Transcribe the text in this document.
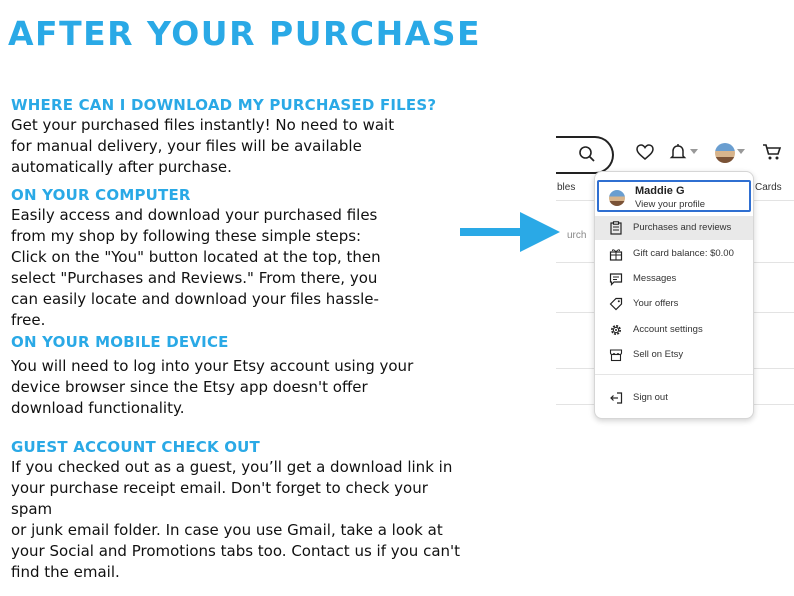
AFTER YOUR PURCHASE

WHERE CAN I DOWNLOAD MY PURCHASED FILES?

Get your purchased files instantly! No need to wait

for manual delivery, your files will be available

automatically after purchase.

ON YOUR COMPUTER

Easily access and download your purchased files

from my shop by following these simple steps:

Click on the "You" button located at the top, then

select "Purchases and Reviews." From there, you

can easily locate and download your files hassle-

free.

ON YOUR MOBILE DEVICE

You will need to log into your Etsy account using your

device browser since the Etsy app doesn't offer

download functionality.

GUEST ACCOUNT CHECK OUT

If you checked out as a guest, you’ll get a download link in

your purchase receipt email. Don't forget to check your spam

or junk email folder. In case you use Gmail, take a look at

your Social and Promotions tabs too. Contact us if you can't

find the email.

bles	Cards
urch
Maddie G
View your profile
Purchases and reviews
Gift card balance: $0.00
Messages
Your offers
Account settings
Sell on Etsy
Sign out
